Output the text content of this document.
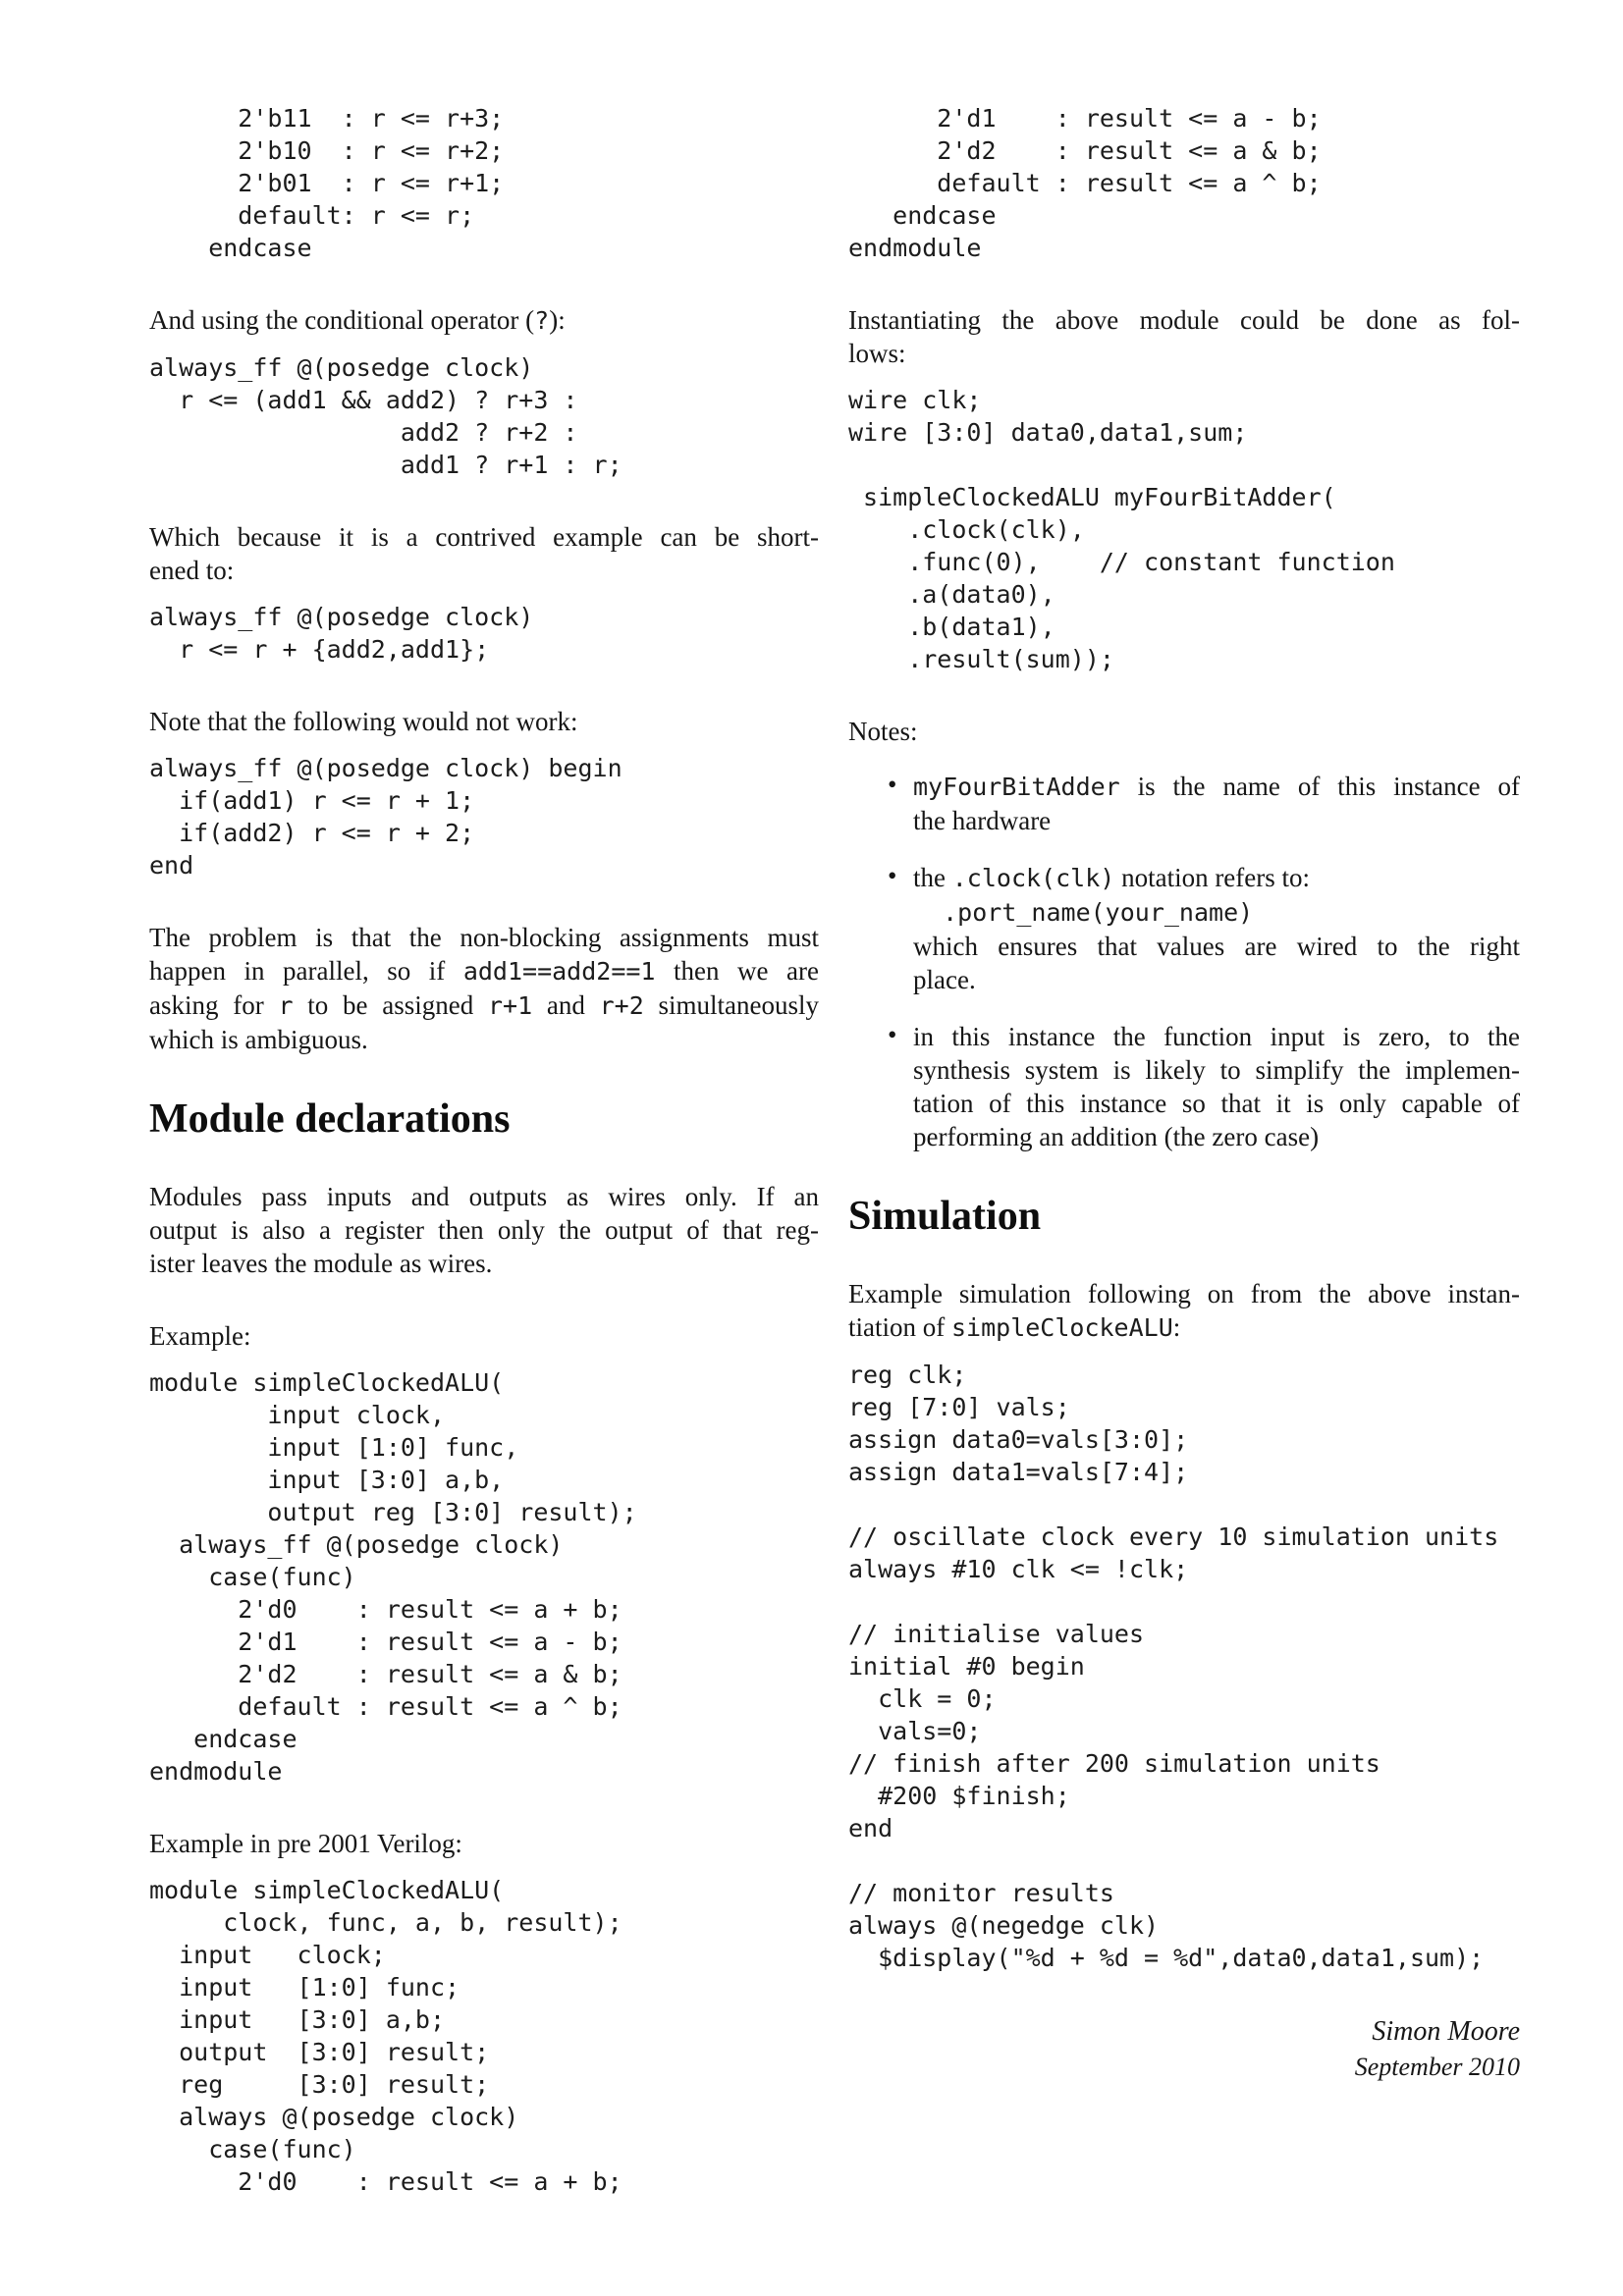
2'b11  : r <= r+3;
2'b10  : r <= r+2;
2'b01  : r <= r+1;
default: r <= r;
endcase
And using the conditional operator (?):
always_ff @(posedge clock)
r <= (add1 && add2) ? r+3 :
add2 ? r+2 :
add1 ? r+1 : r;
Which because it is a contrived example can be short-
ened to:
always_ff @(posedge clock)
r <= r + {add2,add1};
Note that the following would not work:
always_ff @(posedge clock) begin
if(add1) r <= r + 1;
if(add2) r <= r + 2;
end
The problem is that the non-blocking assignments must
happen in parallel, so if add1==add2==1 then we are
asking for r to be assigned r+1 and r+2 simultaneously
which is ambiguous.
Module declarations
Modules pass inputs and outputs as wires only. If an
output is also a register then only the output of that reg-
ister leaves the module as wires.
Example:
module simpleClockedALU(
input clock,
input [1:0] func,
input [3:0] a,b,
output reg [3:0] result);
always_ff @(posedge clock)
case(func)
2'd0    : result <= a + b;
2'd1    : result <= a - b;
2'd2    : result <= a & b;
default : result <= a ^ b;
endcase
endmodule
Example in pre 2001 Verilog:
module simpleClockedALU(
clock, func, a, b, result);
input   clock;
input   [1:0] func;
input   [3:0] a,b;
output  [3:0] result;
reg     [3:0] result;
always @(posedge clock)
case(func)
2'd0    : result <= a + b;
2'd1    : result <= a - b;
2'd2    : result <= a & b;
default : result <= a ^ b;
endcase
endmodule
Instantiating the above module could be done as fol-
lows:
wire clk;
wire [3:0] data0,data1,sum;

simpleClockedALU myFourBitAdder(
.clock(clk),
.func(0),    // constant function
.a(data0),
.b(data1),
.result(sum));
Notes:
• myFourBitAdder is the name of this instance of
the hardware
• the .clock(clk) notation refers to:
.port_name(your_name)
which ensures that values are wired to the right
place.
• in this instance the function input is zero, to the
synthesis system is likely to simplify the implemen-
tation of this instance so that it is only capable of
performing an addition (the zero case)
Simulation
Example simulation following on from the above instan-
tiation of simpleClockeALU:
reg clk;
reg [7:0] vals;
assign data0=vals[3:0];
assign data1=vals[7:4];

// oscillate clock every 10 simulation units
always #10 clk <= !clk;

// initialise values
initial #0 begin
clk = 0;
vals=0;
// finish after 200 simulation units
#200 $finish;
end

// monitor results
always @(negedge clk)
$display("%d + %d = %d",data0,data1,sum);
Simon Moore
September 2010
